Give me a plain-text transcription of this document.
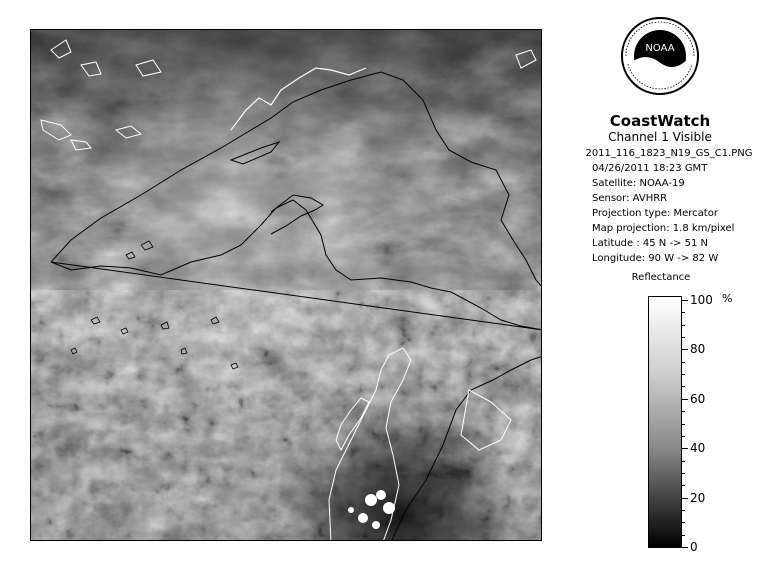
NOAA
CoastWatch
Channel 1 Visible
2011_116_1823_N19_GS_C1.PNG
04/26/2011 18:23 GMT
Satellite: NOAA-19
Sensor: AVHRR
Projection type: Mercator
Map projection: 1.8 km/pixel
Latitude : 45 N -> 51 N
Longitude: 90 W -> 82 W
Reflectance
%
100
80
60
40
20
0
